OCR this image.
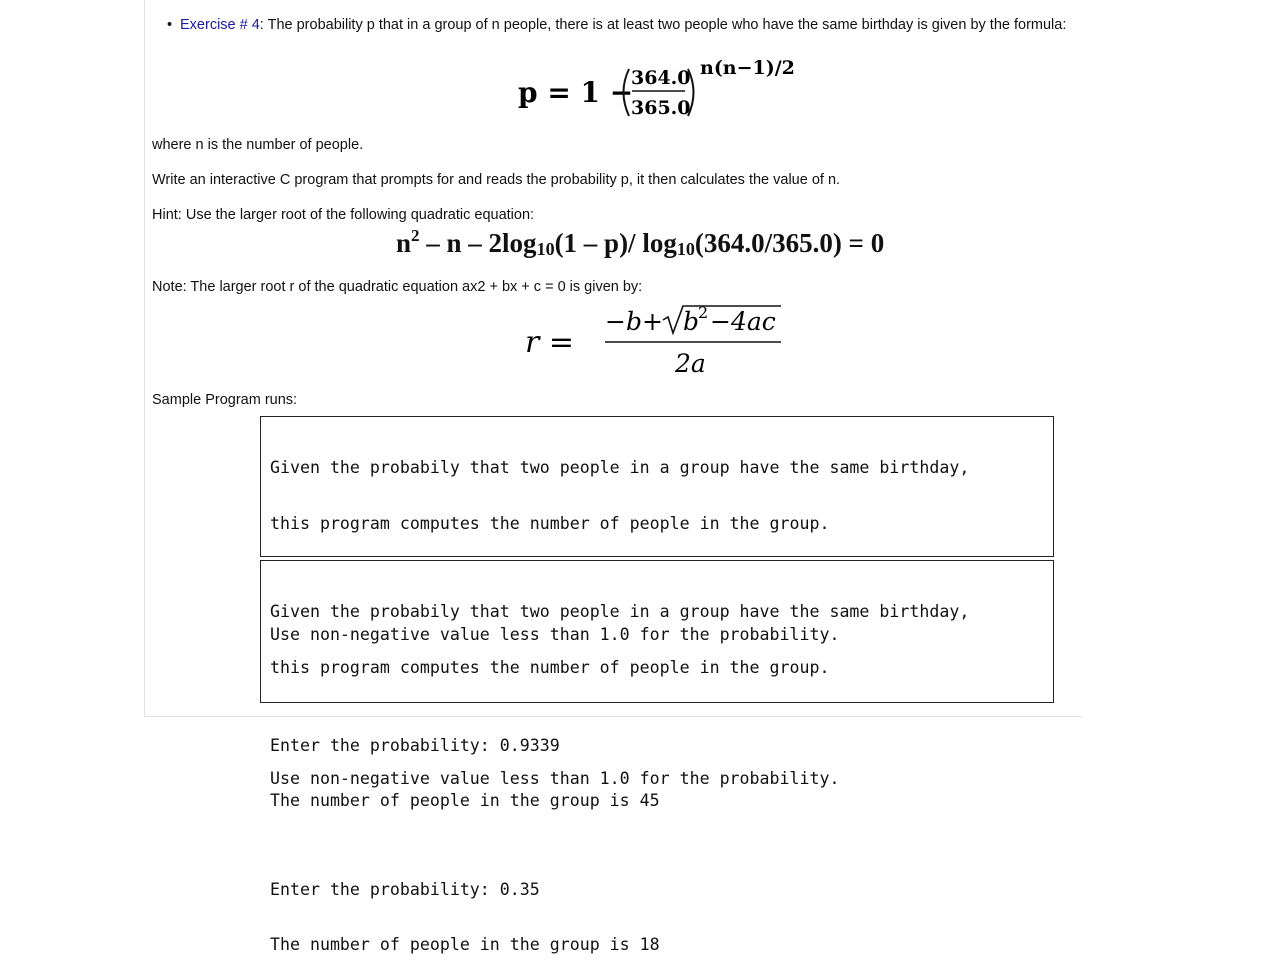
• Exercise # 4: The probability p that in a group of n people, there is at least two people who have the same birthday is given by the formula:
p = 1 −
364.0
365.0
n(n−1)/2
where n is the number of people.
Write an interactive C program that prompts for and reads the probability p, it then calculates the value of n.
Hint: Use the larger root of the following quadratic equation:
$n^2$ – n – $2\log_{10}(1 - p)/$ $\log_{10}(364.0/365.0) = 0$
Note: The larger root r of the quadratic equation ax2 + bx + c = 0 is given by:
r =
−b+ b
2 −4ac
2a
Sample Program runs:

Given the probabily that two people in a group have the same birthday,

this program computes the number of people in the group.

Use non-negative value less than 1.0 for the probability.

Enter the probability: 0.9339

The number of people in the group is 45

Given the probabily that two people in a group have the same birthday,

this program computes the number of people in the group.

Use non-negative value less than 1.0 for the probability.

Enter the probability: 0.35

The number of people in the group is 18
